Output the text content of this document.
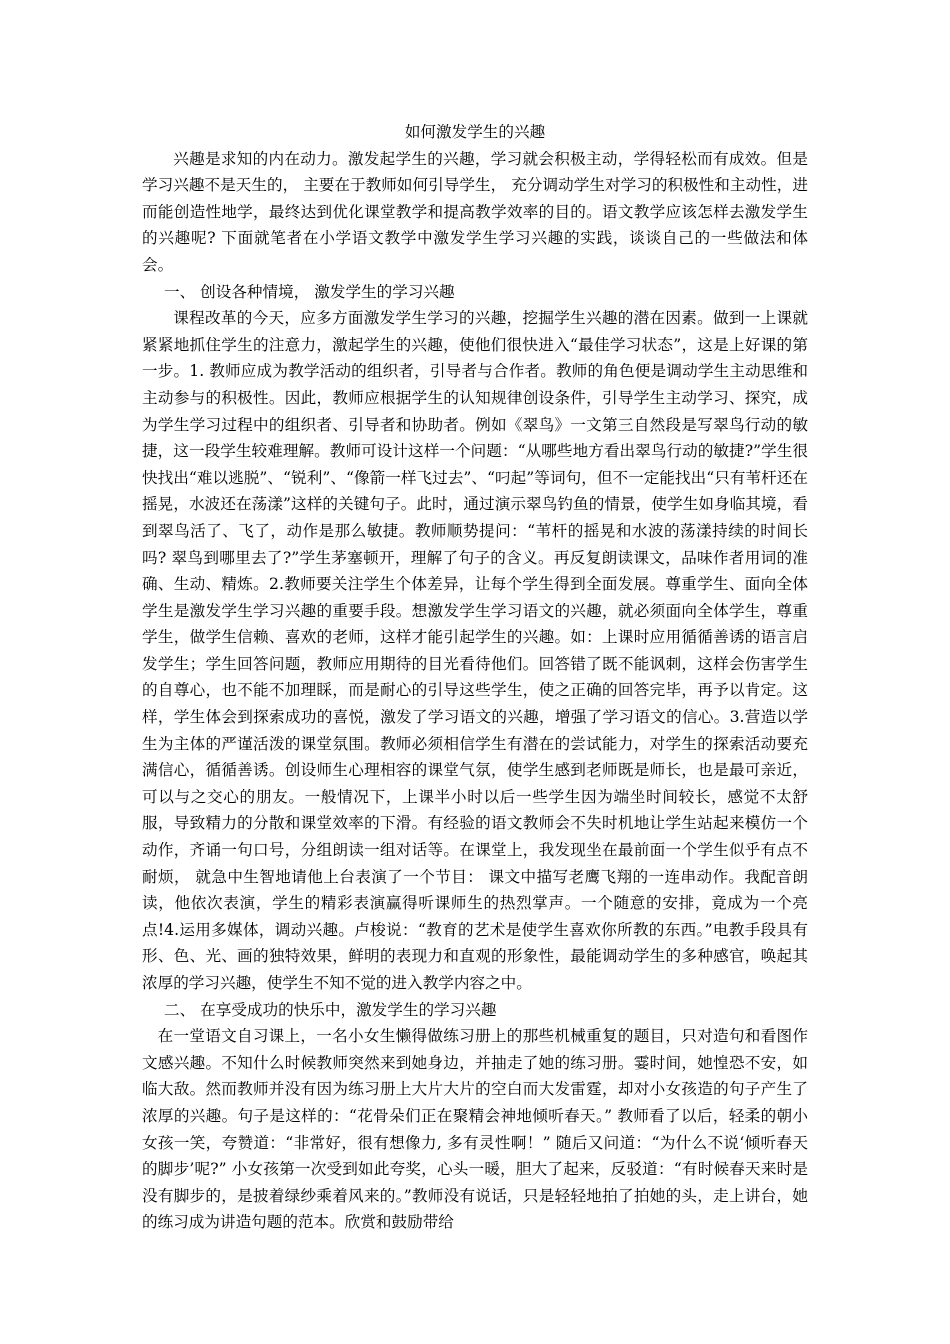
如何激发学生的兴趣

兴趣是求知的内在动力。激发起学生的兴趣，学习就会积极主动，学得轻松而有成效。但是学习兴趣不是天生的， 主要在于教师如何引导学生， 充分调动学生对学习的积极性和主动性，进而能创造性地学，最终达到优化课堂教学和提高教学效率的目的。语文教学应该怎样去激发学生的兴趣呢? 下面就笔者在小学语文教学中激发学生学习兴趣的实践，谈谈自己的一些做法和体会。

一、 创设各种情境， 激发学生的学习兴趣

课程改革的今天，应多方面激发学生学习的兴趣，挖掘学生兴趣的潜在因素。做到一上课就紧紧地抓住学生的注意力，激起学生的兴趣，使他们很快进入“最佳学习状态”，这是上好课的第一步。1. 教师应成为教学活动的组织者，引导者与合作者。教师的角色便是调动学生主动思维和主动参与的积极性。因此，教师应根据学生的认知规律创设条件，引导学生主动学习、探究，成为学生学习过程中的组织者、引导者和协助者。例如《翠鸟》一文第三自然段是写翠鸟行动的敏捷，这一段学生较难理解。教师可设计这样一个问题：“从哪些地方看出翠鸟行动的敏捷?”学生很快找出“难以逃脱”、“锐利”、“像箭一样飞过去”、“叼起”等词句，但不一定能找出“只有苇杆还在摇晃，水波还在荡漾”这样的关键句子。此时，通过演示翠鸟钓鱼的情景，使学生如身临其境，看到翠鸟活了、飞了，动作是那么敏捷。教师顺势提问：“苇杆的摇晃和水波的荡漾持续的时间长吗? 翠鸟到哪里去了?”学生茅塞顿开，理解了句子的含义。再反复朗读课文，品味作者用词的准确、生动、精炼。2.教师要关注学生个体差异，让每个学生得到全面发展。尊重学生、面向全体学生是激发学生学习兴趣的重要手段。想激发学生学习语文的兴趣，就必须面向全体学生，尊重学生，做学生信赖、喜欢的老师，这样才能引起学生的兴趣。如：上课时应用循循善诱的语言启发学生；学生回答问题，教师应用期待的目光看待他们。回答错了既不能讽刺，这样会伤害学生的自尊心，也不能不加理睬，而是耐心的引导这些学生，使之正确的回答完毕，再予以肯定。这样，学生体会到探索成功的喜悦，激发了学习语文的兴趣，增强了学习语文的信心。3.营造以学生为主体的严谨活泼的课堂氛围。教师必须相信学生有潜在的尝试能力，对学生的探索活动要充满信心，循循善诱。创设师生心理相容的课堂气氛，使学生感到老师既是师长，也是最可亲近，可以与之交心的朋友。一般情况下，上课半小时以后一些学生因为端坐时间较长，感觉不太舒服，导致精力的分散和课堂效率的下滑。有经验的语文教师会不失时机地让学生站起来模仿一个动作，齐诵一句口号，分组朗读一组对话等。在课堂上，我发现坐在最前面一个学生似乎有点不耐烦， 就急中生智地请他上台表演了一个节目： 课文中描写老鹰飞翔的一连串动作。我配音朗读，他依次表演，学生的精彩表演赢得听课师生的热烈掌声。一个随意的安排，竟成为一个亮点!4.运用多媒体，调动兴趣。卢梭说：“教育的艺术是使学生喜欢你所教的东西。”电教手段具有形、色、光、画的独特效果，鲜明的表现力和直观的形象性，最能调动学生的多种感官，唤起其浓厚的学习兴趣，使学生不知不觉的进入教学内容之中。

二、 在享受成功的快乐中，激发学生的学习兴趣

在一堂语文自习课上，一名小女生懒得做练习册上的那些机械重复的题目，只对造句和看图作文感兴趣。不知什么时候教师突然来到她身边，并抽走了她的练习册。霎时间，她惶恐不安，如临大敌。然而教师并没有因为练习册上大片大片的空白而大发雷霆，却对小女孩造的句子产生了浓厚的兴趣。句子是这样的：“花骨朵们正在聚精会神地倾听春天。” 教师看了以后，轻柔的朝小女孩一笑，夸赞道：“非常好，很有想像力, 多有灵性啊！” 随后又问道：“为什么不说‘倾听春天的脚步’呢?” 小女孩第一次受到如此夸奖，心头一暖，胆大了起来，反驳道：“有时候春天来时是没有脚步的，是披着绿纱乘着风来的。”教师没有说话，只是轻轻地拍了拍她的头，走上讲台，她的练习成为讲造句题的范本。欣赏和鼓励带给
